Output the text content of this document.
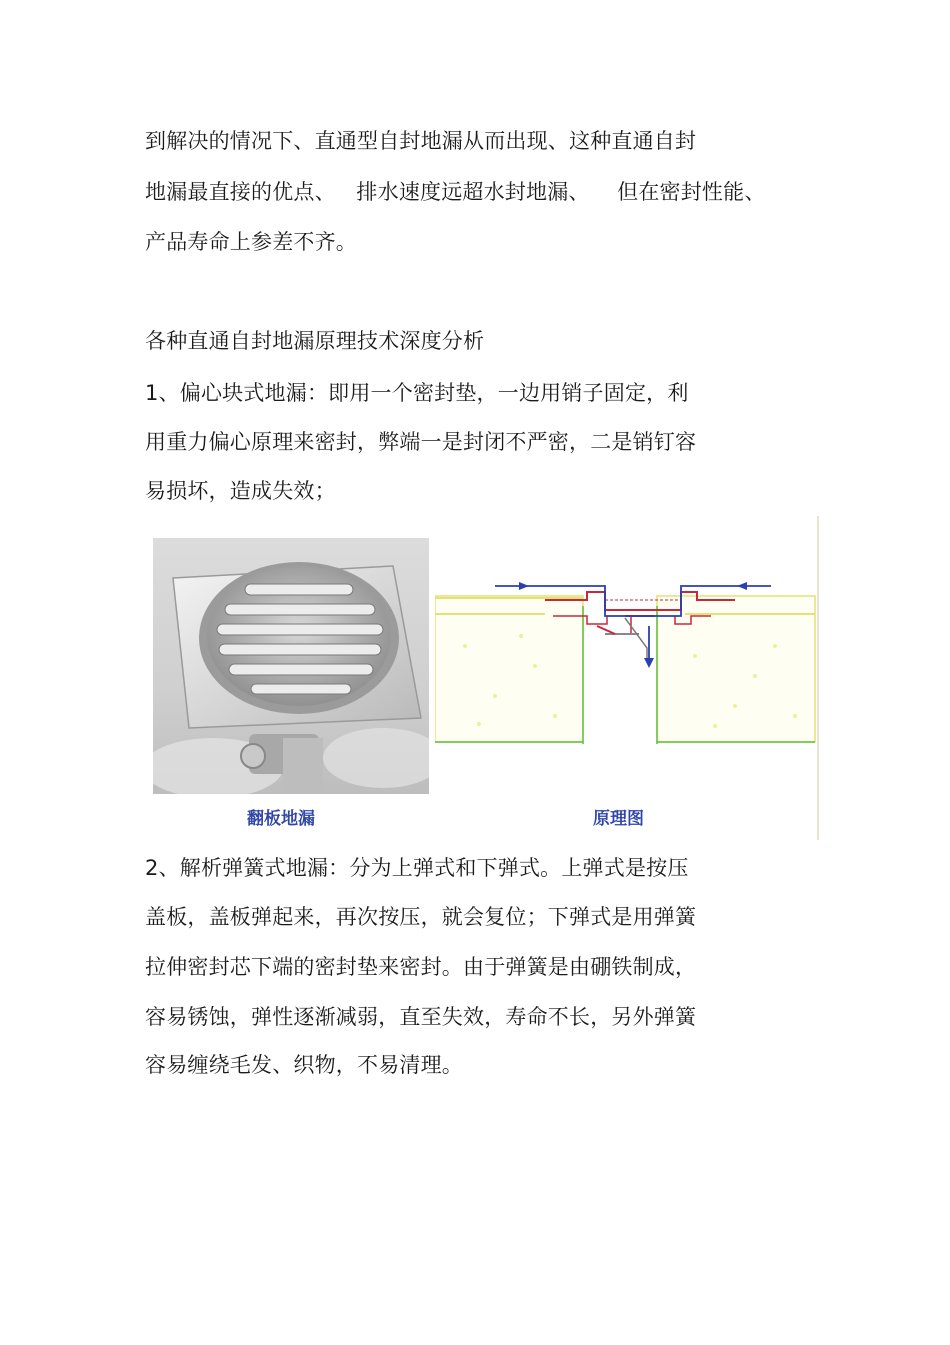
到解决的情况下、直通型自封地漏从而出现、这种直通自封
地漏最直接的优点、   排水速度远超水封地漏、    但在密封性能、
产品寿命上参差不齐。
各种直通自封地漏原理技术深度分析
1、偏心块式地漏：即用一个密封垫，一边用销子固定，利
用重力偏心原理来密封，弊端一是封闭不严密，二是销钉容
易损坏，造成失效；
翻板地漏	原理图
2、解析弹簧式地漏：分为上弹式和下弹式。上弹式是按压
盖板，盖板弹起来，再次按压，就会复位；下弹式是用弹簧
拉伸密封芯下端的密封垫来密封。由于弹簧是由硼铁制成，
容易锈蚀，弹性逐渐减弱，直至失效，寿命不长，另外弹簧
容易缠绕毛发、织物，不易清理。
